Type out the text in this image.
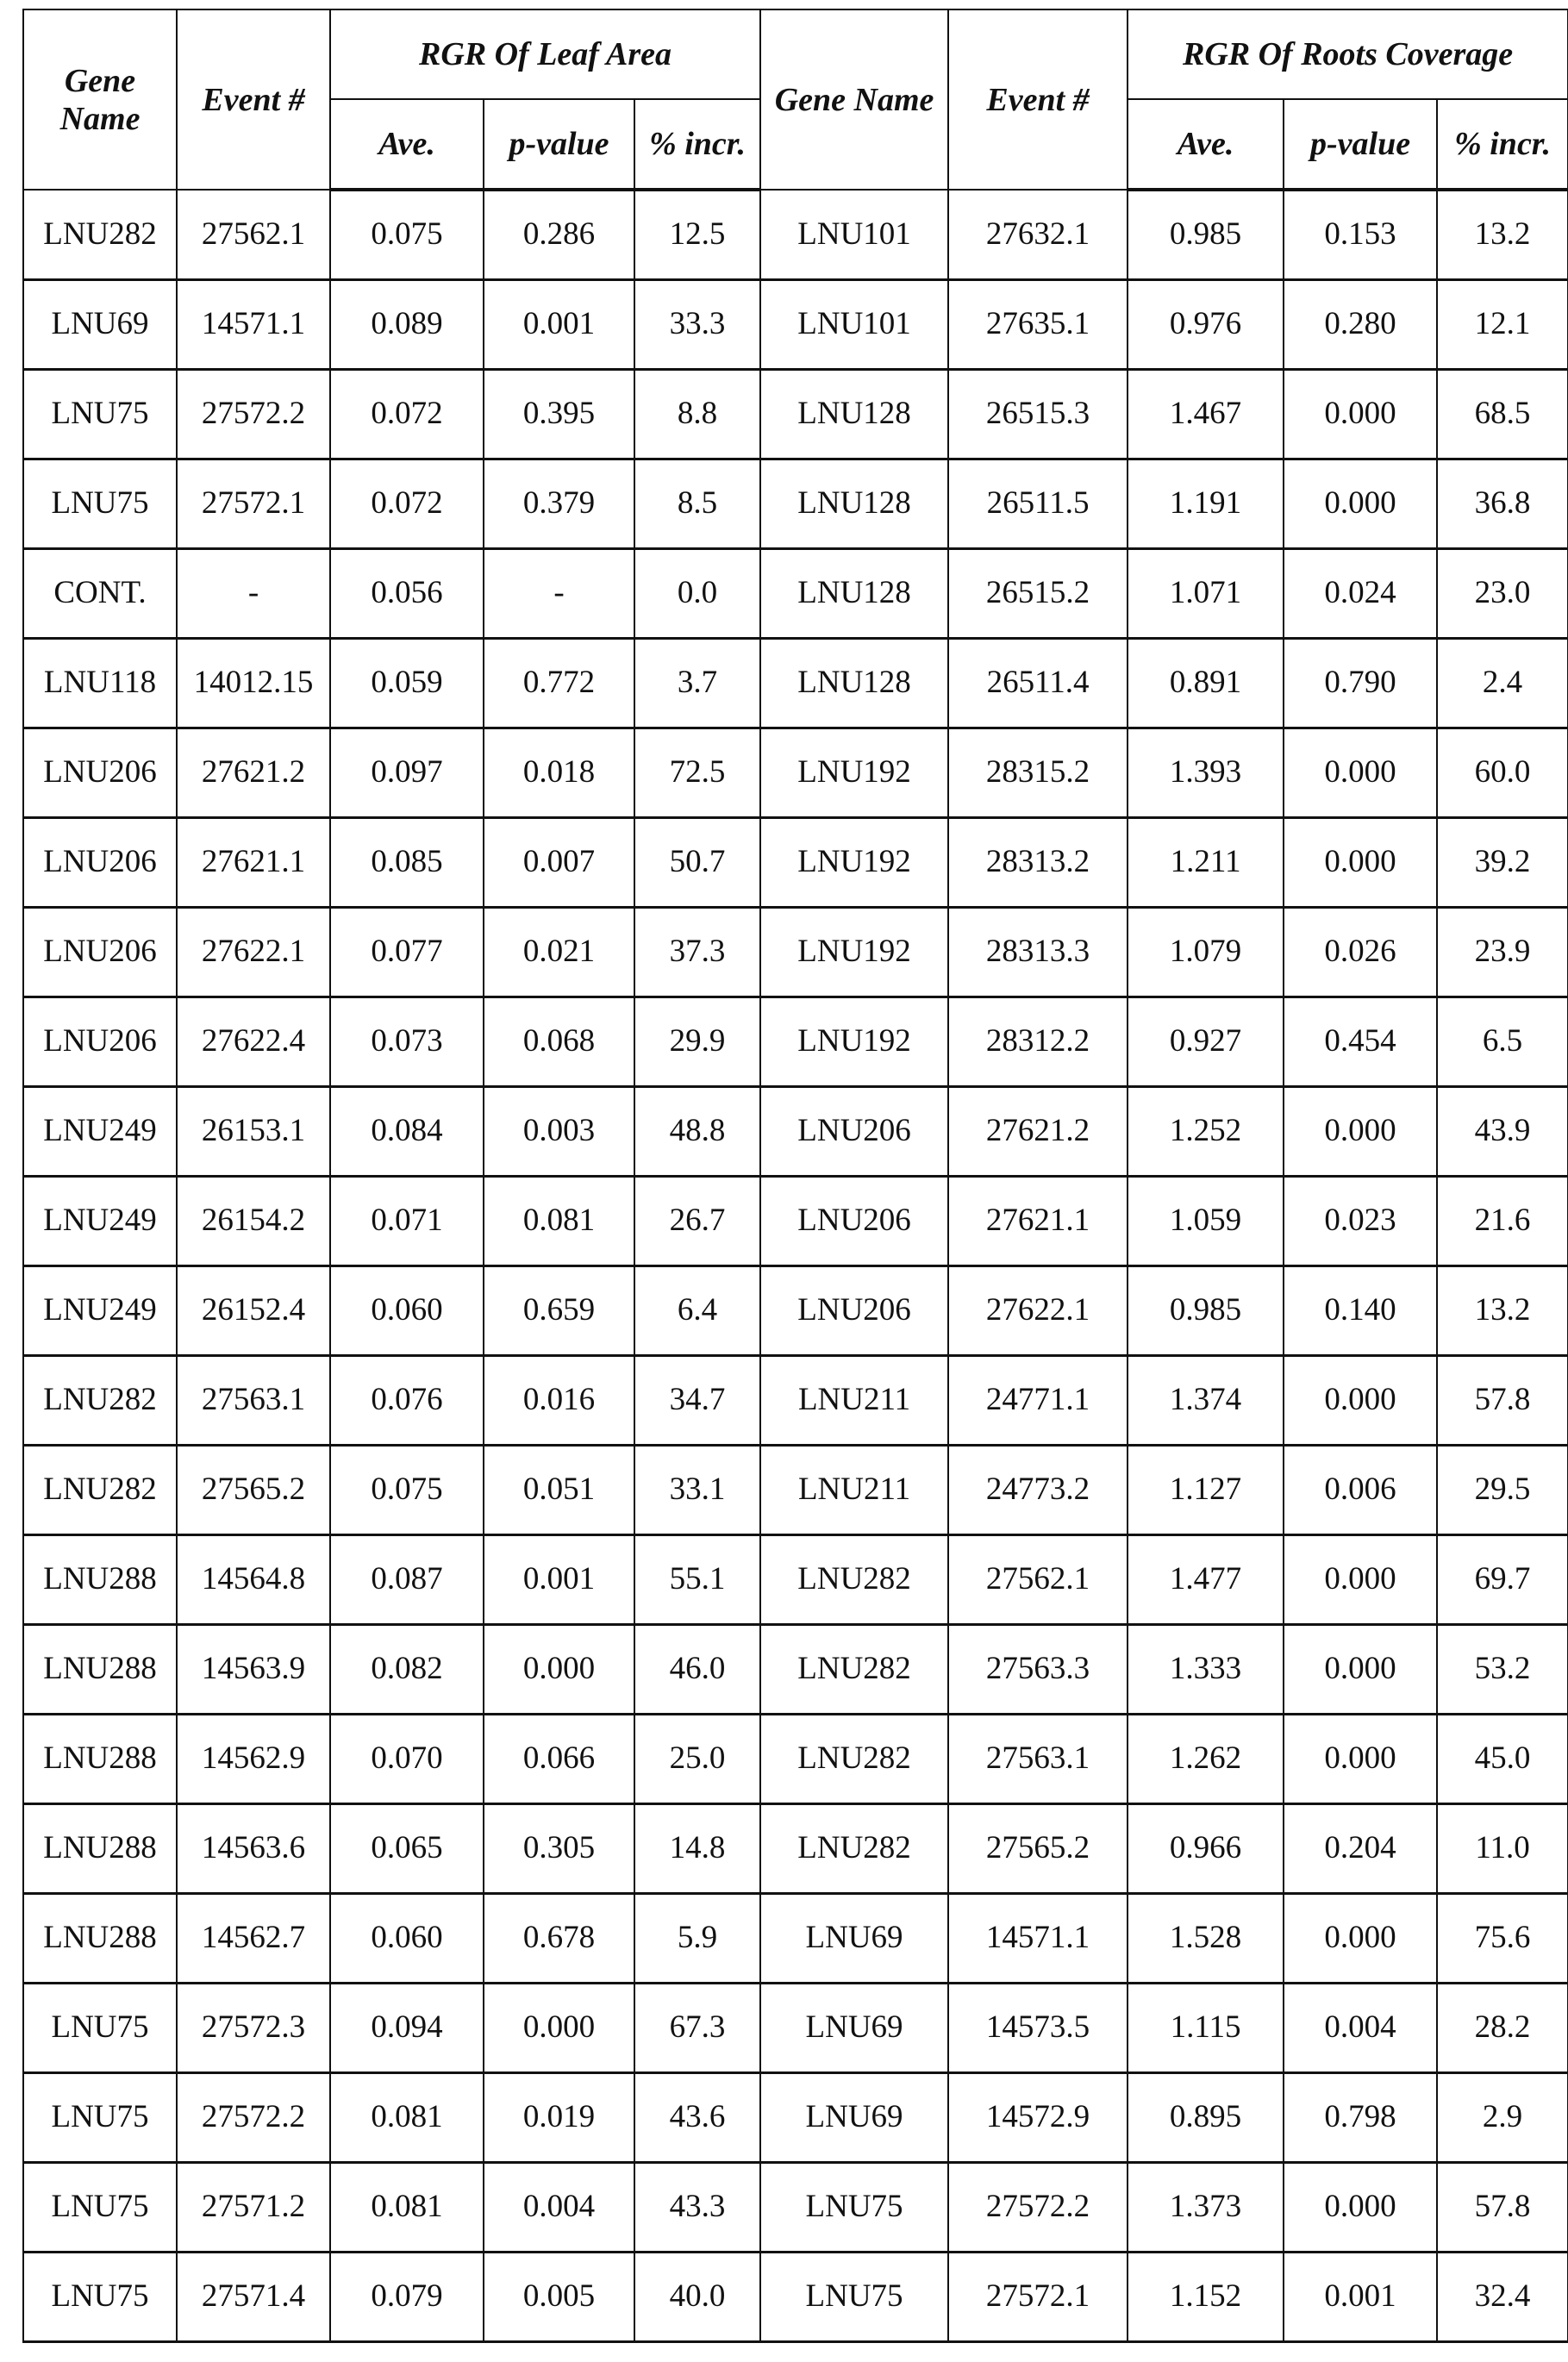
Gene Name	Event #	RGR Of Leaf Area	Gene Name	Event #	RGR Of Roots Coverage
Ave.	p-value	% incr.	Ave.	p-value	% incr.
LNU282	27562.1	0.075	0.286	12.5	LNU101	27632.1	0.985	0.153	13.2
LNU69	14571.1	0.089	0.001	33.3	LNU101	27635.1	0.976	0.280	12.1
LNU75	27572.2	0.072	0.395	8.8	LNU128	26515.3	1.467	0.000	68.5
LNU75	27572.1	0.072	0.379	8.5	LNU128	26511.5	1.191	0.000	36.8
CONT.	-	0.056	-	0.0	LNU128	26515.2	1.071	0.024	23.0
LNU118	14012.15	0.059	0.772	3.7	LNU128	26511.4	0.891	0.790	2.4
LNU206	27621.2	0.097	0.018	72.5	LNU192	28315.2	1.393	0.000	60.0
LNU206	27621.1	0.085	0.007	50.7	LNU192	28313.2	1.211	0.000	39.2
LNU206	27622.1	0.077	0.021	37.3	LNU192	28313.3	1.079	0.026	23.9
LNU206	27622.4	0.073	0.068	29.9	LNU192	28312.2	0.927	0.454	6.5
LNU249	26153.1	0.084	0.003	48.8	LNU206	27621.2	1.252	0.000	43.9
LNU249	26154.2	0.071	0.081	26.7	LNU206	27621.1	1.059	0.023	21.6
LNU249	26152.4	0.060	0.659	6.4	LNU206	27622.1	0.985	0.140	13.2
LNU282	27563.1	0.076	0.016	34.7	LNU211	24771.1	1.374	0.000	57.8
LNU282	27565.2	0.075	0.051	33.1	LNU211	24773.2	1.127	0.006	29.5
LNU288	14564.8	0.087	0.001	55.1	LNU282	27562.1	1.477	0.000	69.7
LNU288	14563.9	0.082	0.000	46.0	LNU282	27563.3	1.333	0.000	53.2
LNU288	14562.9	0.070	0.066	25.0	LNU282	27563.1	1.262	0.000	45.0
LNU288	14563.6	0.065	0.305	14.8	LNU282	27565.2	0.966	0.204	11.0
LNU288	14562.7	0.060	0.678	5.9	LNU69	14571.1	1.528	0.000	75.6
LNU75	27572.3	0.094	0.000	67.3	LNU69	14573.5	1.115	0.004	28.2
LNU75	27572.2	0.081	0.019	43.6	LNU69	14572.9	0.895	0.798	2.9
LNU75	27571.2	0.081	0.004	43.3	LNU75	27572.2	1.373	0.000	57.8
LNU75	27571.4	0.079	0.005	40.0	LNU75	27572.1	1.152	0.001	32.4
